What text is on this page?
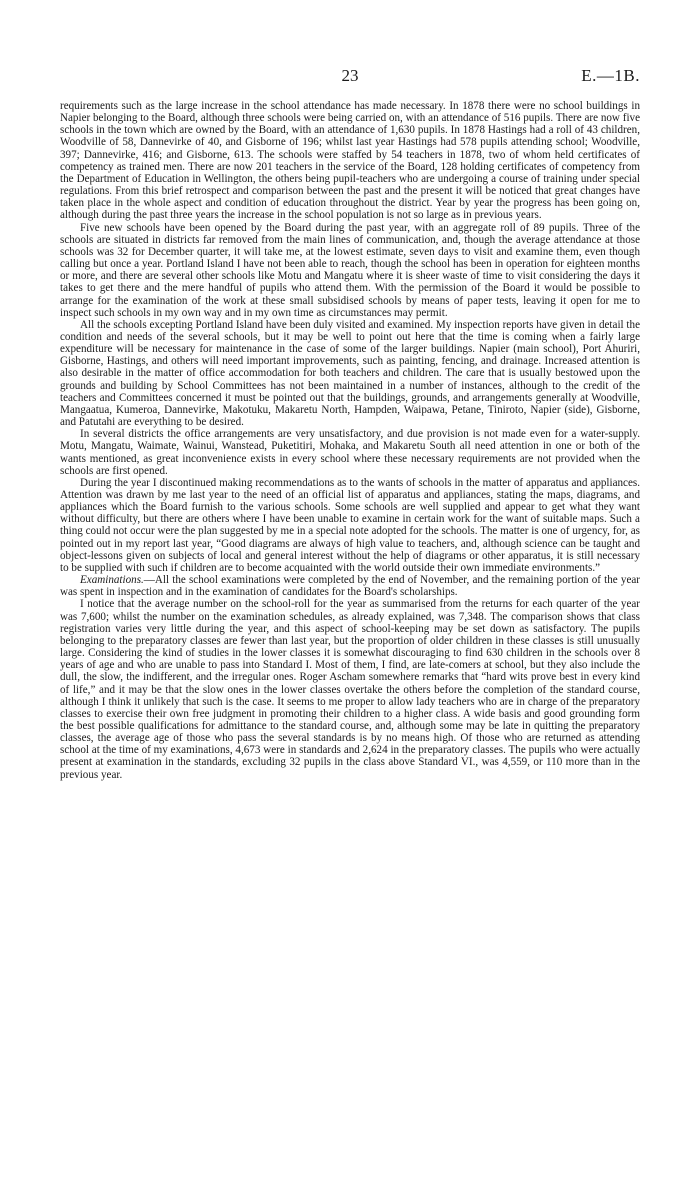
23	E.—1B.

requirements such as the large increase in the school attendance has made necessary. In 1878 there were no school buildings in Napier belonging to the Board, although three schools were being carried on, with an attendance of 516 pupils. There are now five schools in the town which are owned by the Board, with an attendance of 1,630 pupils. In 1878 Hastings had a roll of 43 children, Woodville of 58, Dannevirke of 40, and Gisborne of 196; whilst last year Hastings had 578 pupils attending school; Woodville, 397; Dannevirke, 416; and Gisborne, 613. The schools were staffed by 54 teachers in 1878, two of whom held certificates of competency as trained men. There are now 201 teachers in the service of the Board, 128 holding certificates of competency from the Department of Education in Wellington, the others being pupil-teachers who are undergoing a course of training under special regulations. From this brief retrospect and comparison between the past and the present it will be noticed that great changes have taken place in the whole aspect and condition of education throughout the district. Year by year the progress has been going on, although during the past three years the increase in the school population is not so large as in previous years.

Five new schools have been opened by the Board during the past year, with an aggregate roll of 89 pupils. Three of the schools are situated in districts far removed from the main lines of communication, and, though the average attendance at those schools was 32 for December quarter, it will take me, at the lowest estimate, seven days to visit and examine them, even though calling but once a year. Portland Island I have not been able to reach, though the school has been in operation for eighteen months or more, and there are several other schools like Motu and Mangatu where it is sheer waste of time to visit considering the days it takes to get there and the mere handful of pupils who attend them. With the permission of the Board it would be possible to arrange for the examination of the work at these small subsidised schools by means of paper tests, leaving it open for me to inspect such schools in my own way and in my own time as circumstances may permit.

All the schools excepting Portland Island have been duly visited and examined. My inspection reports have given in detail the condition and needs of the several schools, but it may be well to point out here that the time is coming when a fairly large expenditure will be necessary for maintenance in the case of some of the larger buildings. Napier (main school), Port Ahuriri, Gisborne, Hastings, and others will need important improvements, such as painting, fencing, and drainage. Increased attention is also desirable in the matter of office accommodation for both teachers and children. The care that is usually bestowed upon the grounds and building by School Committees has not been maintained in a number of instances, although to the credit of the teachers and Committees concerned it must be pointed out that the buildings, grounds, and arrangements generally at Woodville, Mangaatua, Kumeroa, Dannevirke, Makotuku, Makaretu North, Hampden, Waipawa, Petane, Tiniroto, Napier (side), Gisborne, and Patutahi are everything to be desired.

In several districts the office arrangements are very unsatisfactory, and due provision is not made even for a water-supply. Motu, Mangatu, Waimate, Wainui, Wanstead, Puketitiri, Mohaka, and Makaretu South all need attention in one or both of the wants mentioned, as great inconvenience exists in every school where these necessary requirements are not provided when the schools are first opened.

During the year I discontinued making recommendations as to the wants of schools in the matter of apparatus and appliances. Attention was drawn by me last year to the need of an official list of apparatus and appliances, stating the maps, diagrams, and appliances which the Board furnish to the various schools. Some schools are well supplied and appear to get what they want without difficulty, but there are others where I have been unable to examine in certain work for the want of suitable maps. Such a thing could not occur were the plan suggested by me in a special note adopted for the schools. The matter is one of urgency, for, as pointed out in my report last year, “Good diagrams are always of high value to teachers, and, although science can be taught and object-lessons given on subjects of local and general interest without the help of diagrams or other apparatus, it is still necessary to be supplied with such if children are to become acquainted with the world outside their own immediate environments.”

Examinations.—All the school examinations were completed by the end of November, and the remaining portion of the year was spent in inspection and in the examination of candidates for the Board's scholarships.

I notice that the average number on the school-roll for the year as summarised from the returns for each quarter of the year was 7,600; whilst the number on the examination schedules, as already explained, was 7,348. The comparison shows that class registration varies very little during the year, and this aspect of school-keeping may be set down as satisfactory. The pupils belonging to the preparatory classes are fewer than last year, but the proportion of older children in these classes is still unusually large. Considering the kind of studies in the lower classes it is somewhat discouraging to find 630 children in the schools over 8 years of age and who are unable to pass into Standard I. Most of them, I find, are late-comers at school, but they also include the dull, the slow, the indifferent, and the irregular ones. Roger Ascham somewhere remarks that “hard wits prove best in every kind of life,” and it may be that the slow ones in the lower classes overtake the others before the completion of the standard course, although I think it unlikely that such is the case. It seems to me proper to allow lady teachers who are in charge of the preparatory classes to exercise their own free judgment in promoting their children to a higher class. A wide basis and good grounding form the best possible qualifications for admittance to the standard course, and, although some may be late in quitting the preparatory classes, the average age of those who pass the several standards is by no means high. Of those who are returned as attending school at the time of my examinations, 4,673 were in standards and 2,624 in the preparatory classes. The pupils who were actually present at examination in the standards, excluding 32 pupils in the class above Standard VI., was 4,559, or 110 more than in the previous year.
